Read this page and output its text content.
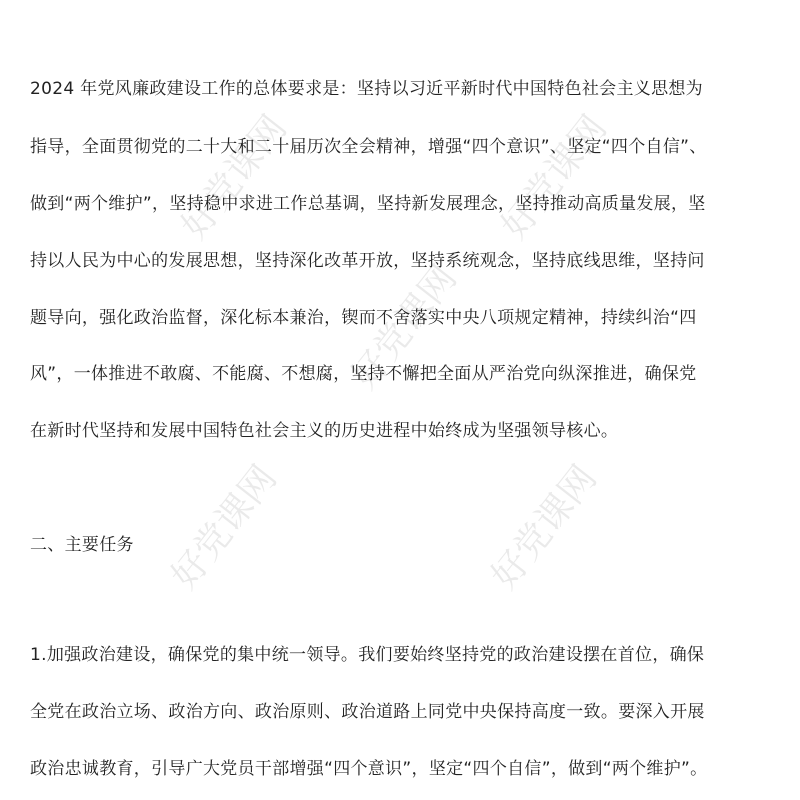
好党课网	好党课网
好党课网
好党课网	好党课网
2024 年党风廉政建设工作的总体要求是：坚持以习近平新时代中国特色社会主义思想为
指导，全面贯彻党的二十大和二十届历次全会精神，增强“四个意识”、坚定“四个自信”、
做到“两个维护”，坚持稳中求进工作总基调，坚持新发展理念，坚持推动高质量发展，坚
持以人民为中心的发展思想，坚持深化改革开放，坚持系统观念，坚持底线思维，坚持问
题导向，强化政治监督，深化标本兼治，锲而不舍落实中央八项规定精神，持续纠治“四
风”，一体推进不敢腐、不能腐、不想腐，坚持不懈把全面从严治党向纵深推进，确保党
在新时代坚持和发展中国特色社会主义的历史进程中始终成为坚强领导核心。
二、主要任务
1.加强政治建设，确保党的集中统一领导。我们要始终坚持党的政治建设摆在首位，确保
全党在政治立场、政治方向、政治原则、政治道路上同党中央保持高度一致。要深入开展
政治忠诚教育，引导广大党员干部增强“四个意识”，坚定“四个自信”，做到“两个维护”。
